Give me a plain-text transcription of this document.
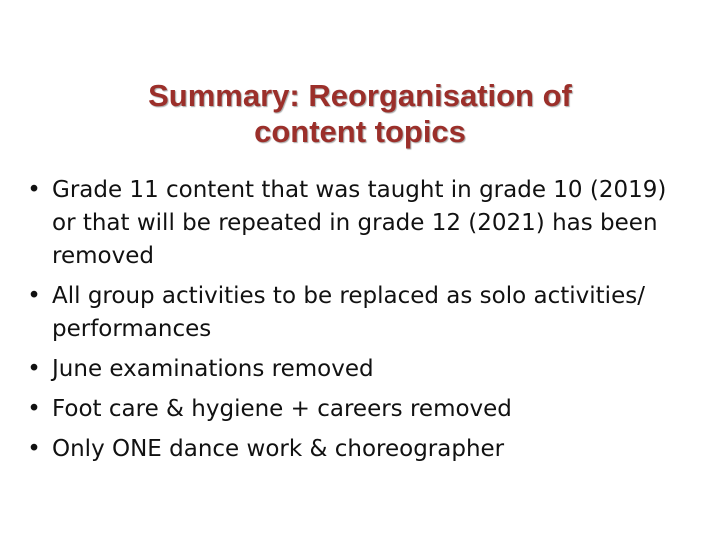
Summary: Reorganisation of
content topics
• Grade 11 content that was taught in grade 10 (2019) or that will be repeated in grade 12 (2021) has been removed
• All group activities to be replaced as solo activities/ performances
• June examinations removed
• Foot care & hygiene + careers removed
• Only ONE dance work & choreographer
